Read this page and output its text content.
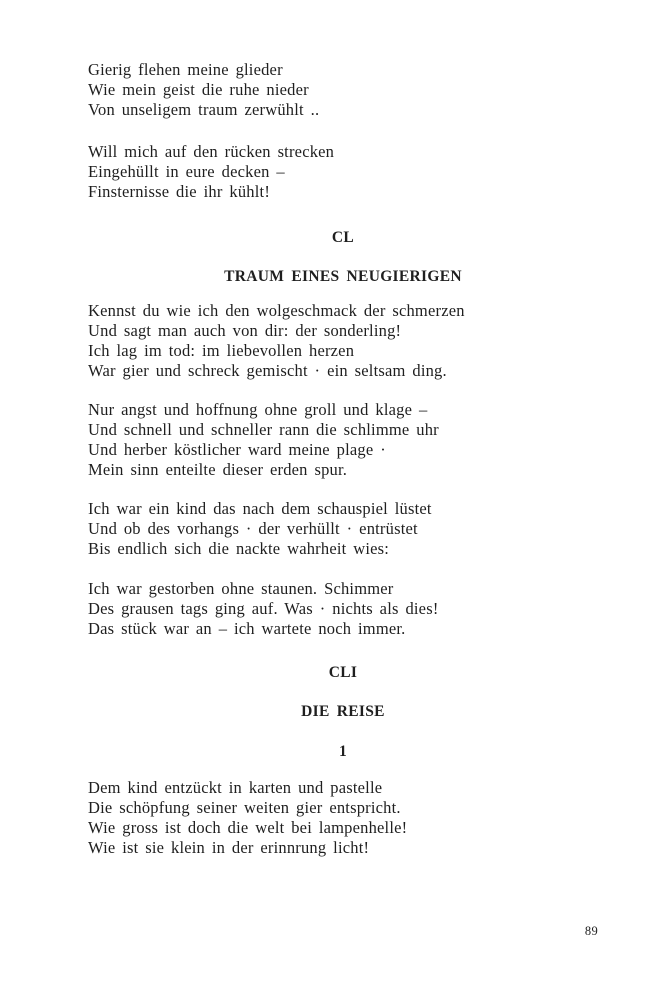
Gierig flehen meine glieder
Wie mein geist die ruhe nieder
Von unseligem traum zerwühlt ..
Will mich auf den rücken strecken
Eingehüllt in eure decken –
Finsternisse die ihr kühlt!
CL
TRAUM EINES NEUGIERIGEN
Kennst du wie ich den wolgeschmack der schmerzen
Und sagt man auch von dir: der sonderling!
Ich lag im tod: im liebevollen herzen
War gier und schreck gemischt · ein seltsam ding.
Nur angst und hoffnung ohne groll und klage –
Und schnell und schneller rann die schlimme uhr
Und herber köstlicher ward meine plage ·
Mein sinn enteilte dieser erden spur.
Ich war ein kind das nach dem schauspiel lüstet
Und ob des vorhangs · der verhüllt · entrüstet
Bis endlich sich die nackte wahrheit wies:
Ich war gestorben ohne staunen. Schimmer
Des grausen tags ging auf. Was · nichts als dies!
Das stück war an – ich wartete noch immer.
CLI
DIE REISE
1
Dem kind entzückt in karten und pastelle
Die schöpfung seiner weiten gier entspricht.
Wie gross ist doch die welt bei lampenhelle!
Wie ist sie klein in der erinnrung licht!
89
